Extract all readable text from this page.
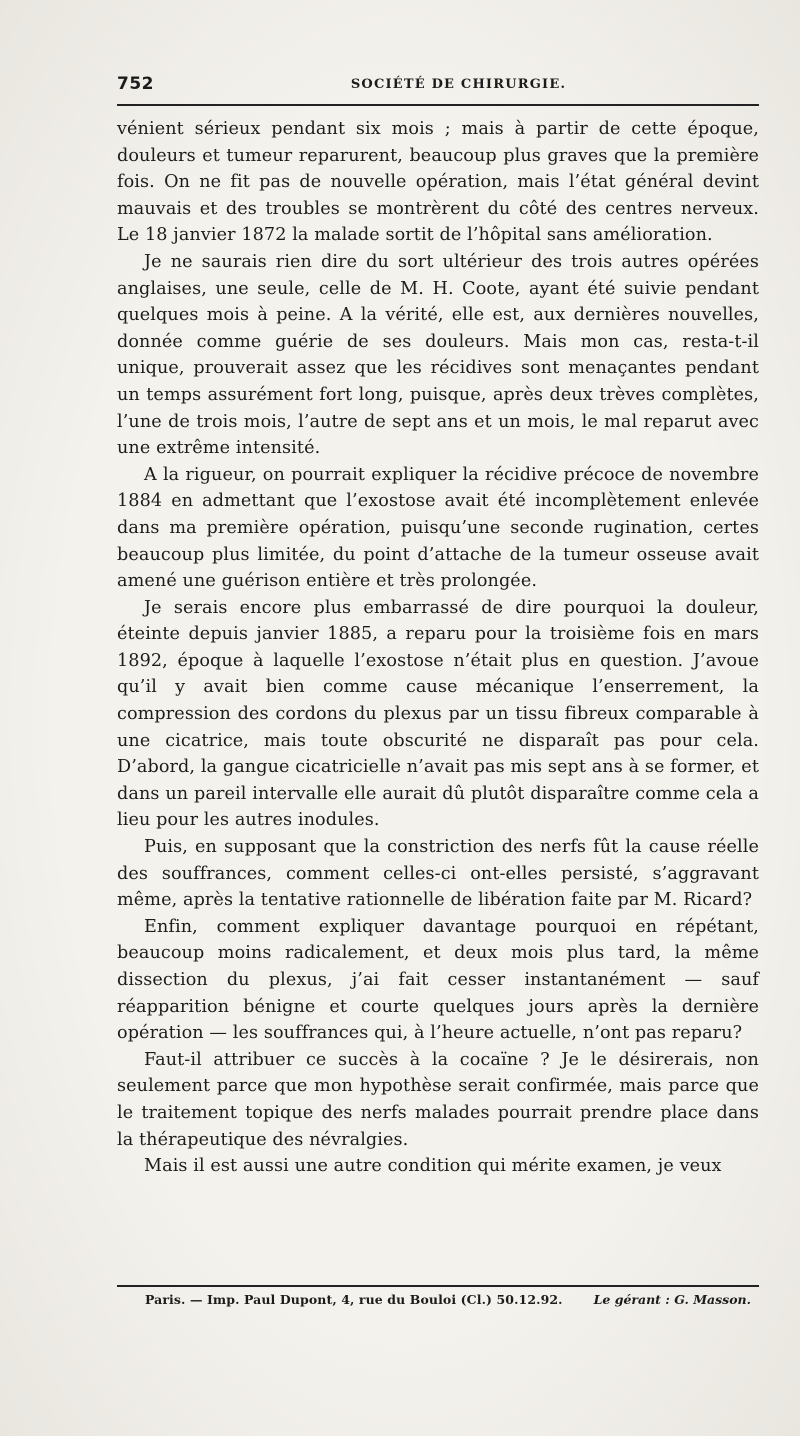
752	SOCIÉTÉ DE CHIRURGIE.

vénient sérieux pendant six mois ; mais à partir de cette époque, douleurs et tumeur reparurent, beaucoup plus graves que la première fois. On ne fit pas de nouvelle opération, mais l’état général devint mauvais et des troubles se montrèrent du côté des centres nerveux. Le 18 janvier 1872 la malade sortit de l’hôpital sans amélioration.

Je ne saurais rien dire du sort ultérieur des trois autres opérées anglaises, une seule, celle de M. H. Coote, ayant été suivie pendant quelques mois à peine. A la vérité, elle est, aux dernières nouvelles, donnée comme guérie de ses douleurs. Mais mon cas, resta-t-il unique, prouverait assez que les récidives sont menaçantes pendant un temps assurément fort long, puisque, après deux trèves complètes, l’une de trois mois, l’autre de sept ans et un mois, le mal reparut avec une extrême intensité.

A la rigueur, on pourrait expliquer la récidive précoce de novembre 1884 en admettant que l’exostose avait été incomplètement enlevée dans ma première opération, puisqu’une seconde rugination, certes beaucoup plus limitée, du point d’attache de la tumeur osseuse avait amené une guérison entière et très prolongée.

Je serais encore plus embarrassé de dire pourquoi la douleur, éteinte depuis janvier 1885, a reparu pour la troisième fois en mars 1892, époque à laquelle l’exostose n’était plus en question. J’avoue qu’il y avait bien comme cause mécanique l’enserrement, la compression des cordons du plexus par un tissu fibreux comparable à une cicatrice, mais toute obscurité ne disparaît pas pour cela. D’abord, la gangue cicatricielle n’avait pas mis sept ans à se former, et dans un pareil intervalle elle aurait dû plutôt disparaître comme cela a lieu pour les autres inodules.

Puis, en supposant que la constriction des nerfs fût la cause réelle des souffrances, comment celles-ci ont-elles persisté, s’aggravant même, après la tentative rationnelle de libération faite par M. Ricard?

Enfin, comment expliquer davantage pourquoi en répétant, beaucoup moins radicalement, et deux mois plus tard, la même dissection du plexus, j’ai fait cesser instantanément — sauf réapparition bénigne et courte quelques jours après la dernière opération — les souffrances qui, à l’heure actuelle, n’ont pas reparu?

Faut-il attribuer ce succès à la cocaïne ? Je le désirerais, non seulement parce que mon hypothèse serait confirmée, mais parce que le traitement topique des nerfs malades pourrait prendre place dans la thérapeutique des névralgies.

Mais il est aussi une autre condition qui mérite examen, je veux

Paris. — Imp. Paul Dupont, 4, rue du Bouloi (Cl.) 50.12.92. Le gérant : G. Masson.
